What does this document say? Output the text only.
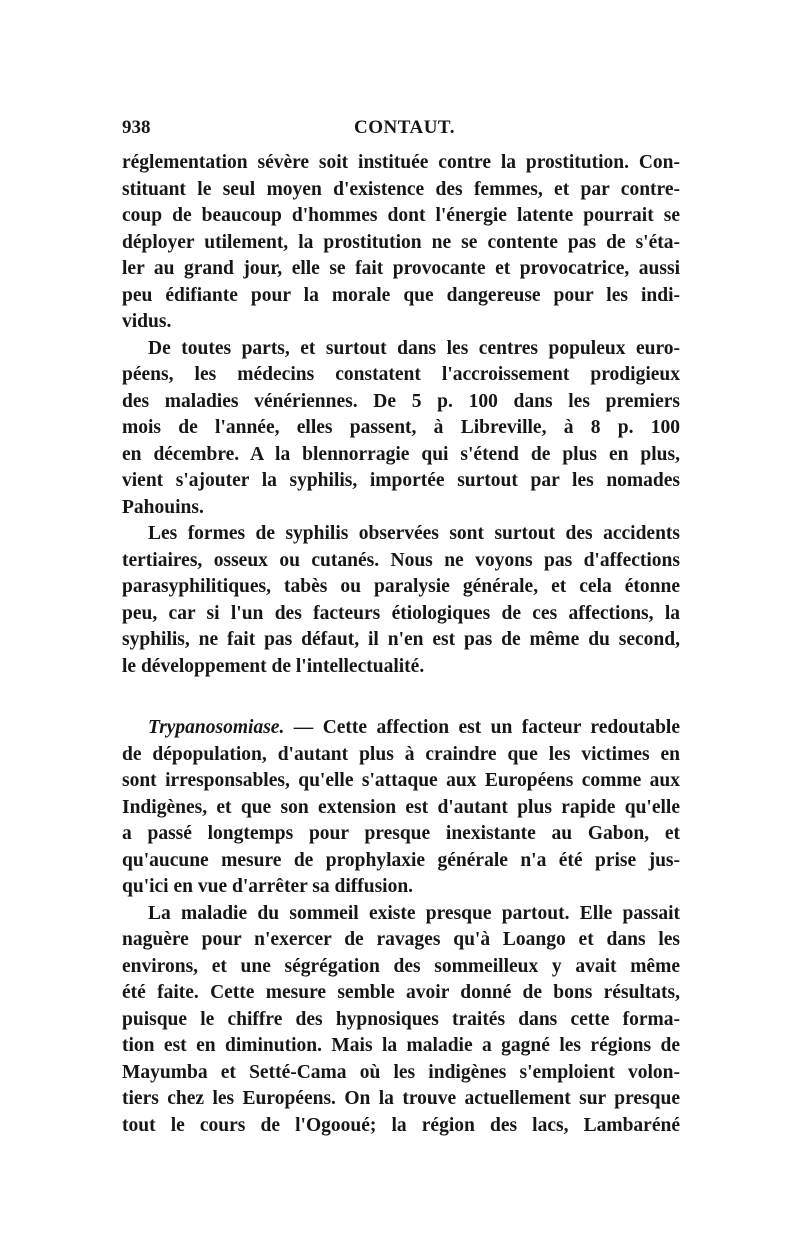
938	CONTAUT.
réglementation sévère soit instituée contre la prostitution. Con-
stituant le seul moyen d'existence des femmes, et par contre-
coup de beaucoup d'hommes dont l'énergie latente pourrait se
déployer utilement, la prostitution ne se contente pas de s'éta-
ler au grand jour, elle se fait provocante et provocatrice, aussi
peu édifiante pour la morale que dangereuse pour les indi-
vidus.
De toutes parts, et surtout dans les centres populeux euro-
péens, les médecins constatent l'accroissement prodigieux
des maladies vénériennes. De 5 p. 100 dans les premiers
mois de l'année, elles passent, à Libreville, à 8 p. 100
en décembre. A la blennorragie qui s'étend de plus en plus,
vient s'ajouter la syphilis, importée surtout par les nomades
Pahouins.
Les formes de syphilis observées sont surtout des accidents
tertiaires, osseux ou cutanés. Nous ne voyons pas d'affections
parasyphilitiques, tabès ou paralysie générale, et cela étonne
peu, car si l'un des facteurs étiologiques de ces affections, la
syphilis, ne fait pas défaut, il n'en est pas de même du second,
le développement de l'intellectualité.
Trypanosomiase. — Cette affection est un facteur redoutable
de dépopulation, d'autant plus à craindre que les victimes en
sont irresponsables, qu'elle s'attaque aux Européens comme aux
Indigènes, et que son extension est d'autant plus rapide qu'elle
a passé longtemps pour presque inexistante au Gabon, et
qu'aucune mesure de prophylaxie générale n'a été prise jus-
qu'ici en vue d'arrêter sa diffusion.
La maladie du sommeil existe presque partout. Elle passait
naguère pour n'exercer de ravages qu'à Loango et dans les
environs, et une ségrégation des sommeilleux y avait même
été faite. Cette mesure semble avoir donné de bons résultats,
puisque le chiffre des hypnosiques traités dans cette forma-
tion est en diminution. Mais la maladie a gagné les régions de
Mayumba et Setté-Cama où les indigènes s'emploient volon-
tiers chez les Européens. On la trouve actuellement sur presque
tout le cours de l'Ogooué; la région des lacs, Lambaréné
